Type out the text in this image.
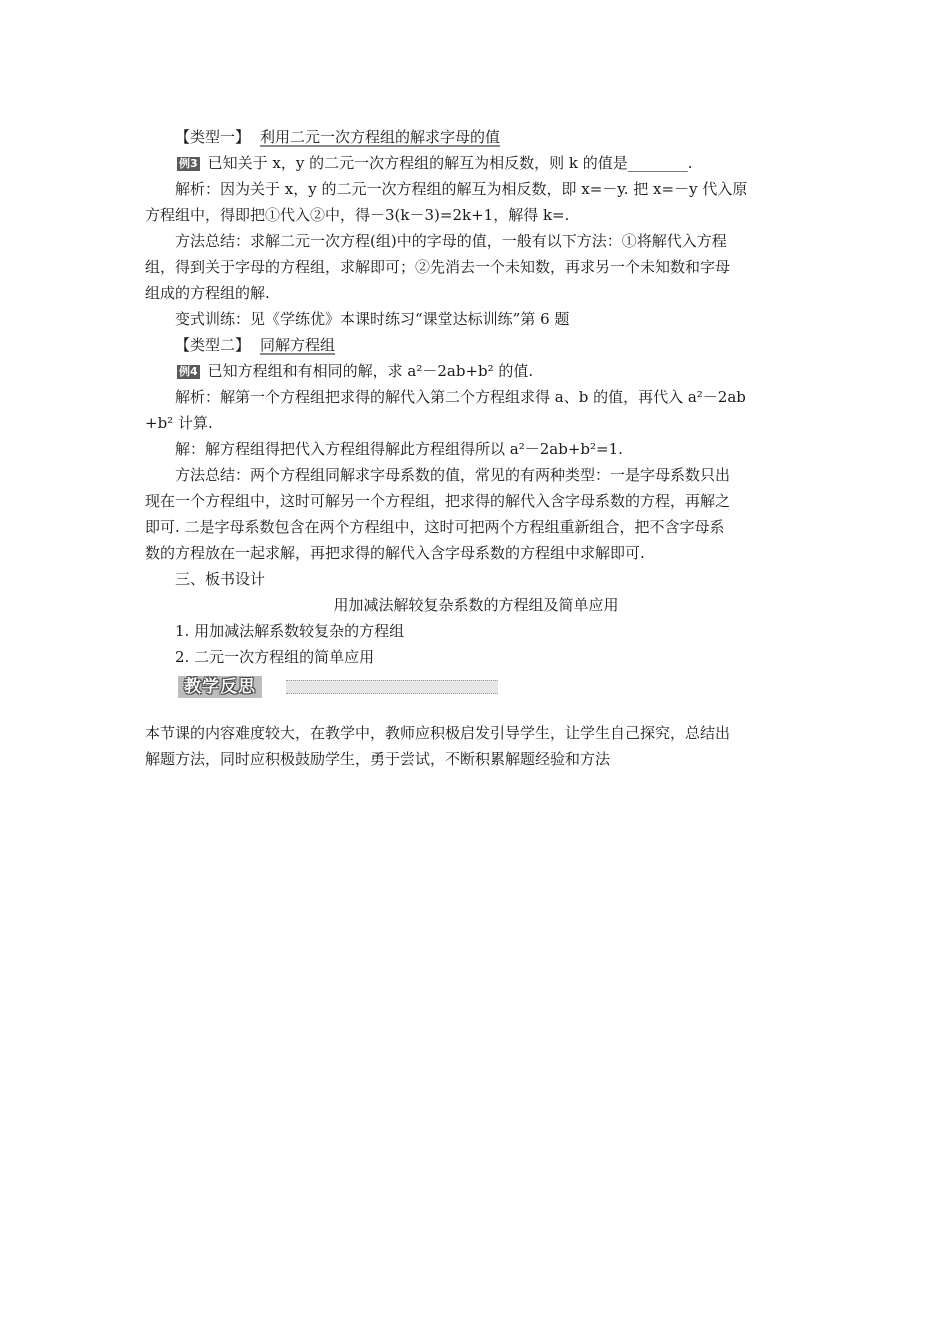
【类型一】 利用二元一次方程组的解求字母的值

例3 已知关于 x，y 的二元一次方程组的解互为相反数，则 k 的值是________.

解析：因为关于 x，y 的二元一次方程组的解互为相反数，即 x=－y. 把 x=－y 代入原

方程组中，得即把①代入②中，得－3(k－3)=2k+1，解得 k=.

方法总结：求解二元一次方程(组)中的字母的值，一般有以下方法：①将解代入方程

组，得到关于字母的方程组，求解即可；②先消去一个未知数，再求另一个未知数和字母

组成的方程组的解.

变式训练：见《学练优》本课时练习“课堂达标训练”第 6 题

【类型二】 同解方程组

例4 已知方程组和有相同的解，求 a²－2ab+b² 的值.

解析：解第一个方程组把求得的解代入第二个方程组求得 a、b 的值，再代入 a²－2ab

+b² 计算.

解：解方程组得把代入方程组得解此方程组得所以 a²－2ab+b²=1.

方法总结：两个方程组同解求字母系数的值，常见的有两种类型：一是字母系数只出

现在一个方程组中，这时可解另一个方程组，把求得的解代入含字母系数的方程，再解之

即可. 二是字母系数包含在两个方程组中，这时可把两个方程组重新组合，把不含字母系

数的方程放在一起求解，再把求得的解代入含字母系数的方程组中求解即可.

三、板书设计

用加减法解较复杂系数的方程组及简单应用

1. 用加减法解系数较复杂的方程组

2. 二元一次方程组的简单应用

教学反思

本节课的内容难度较大，在教学中，教师应积极启发引导学生，让学生自己探究，总结出

解题方法，同时应积极鼓励学生，勇于尝试，不断积累解题经验和方法
